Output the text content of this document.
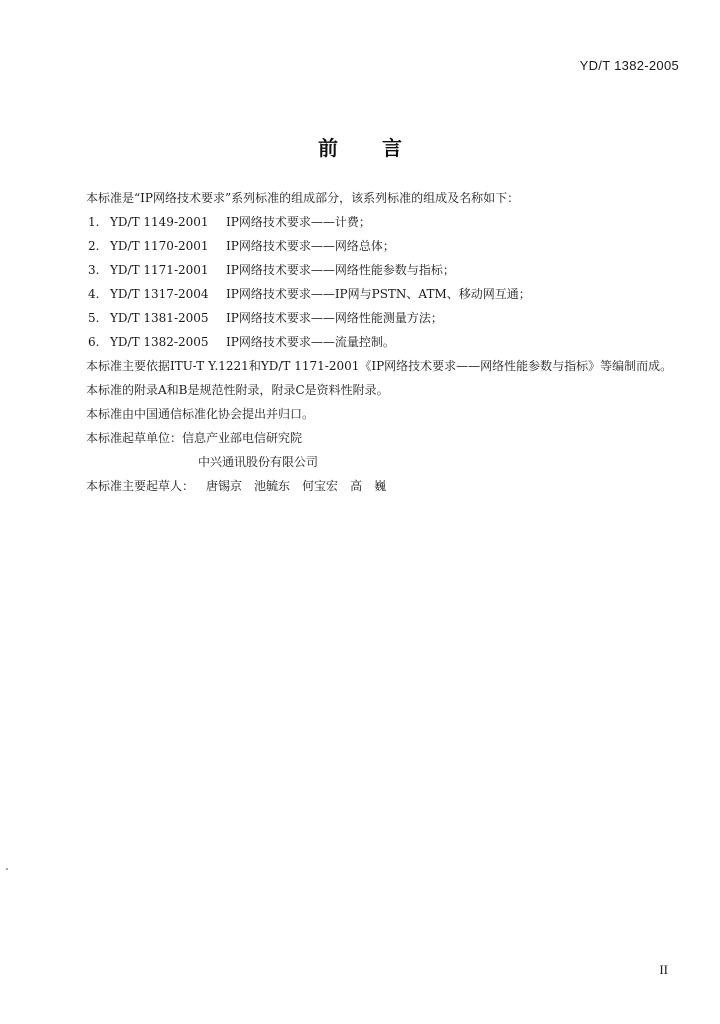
YD/T 1382-2005
前言

本标准是“IP网络技术要求”系列标准的组成部分，该系列标准的组成及名称如下：

1. YD/T 1149-2001 IP网络技术要求——计费；
2. YD/T 1170-2001 IP网络技术要求——网络总体；
3. YD/T 1171-2001 IP网络技术要求——网络性能参数与指标；
4. YD/T 1317-2004 IP网络技术要求——IP网与PSTN、ATM、移动网互通；
5. YD/T 1381-2005 IP网络技术要求——网络性能测量方法；
6. YD/T 1382-2005 IP网络技术要求——流量控制。

本标准主要依据ITU-T Y.1221和YD/T 1171-2001《IP网络技术要求——网络性能参数与指标》等编制而成。

本标准的附录A和B是规范性附录，附录C是资料性附录。

本标准由中国通信标准化协会提出并归口。

本标准起草单位：信息产业部电信研究院
中兴通讯股份有限公司
本标准主要起草人： 唐锡京 池毓东 何宝宏 高　巍
II
